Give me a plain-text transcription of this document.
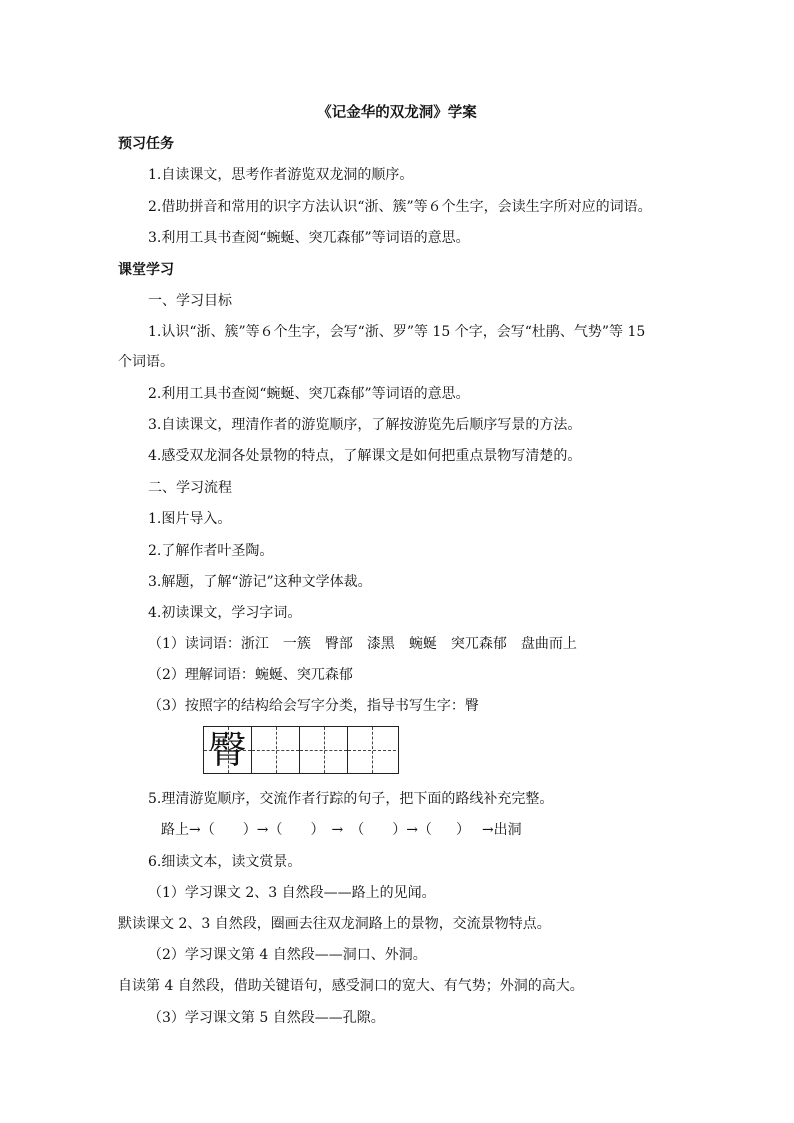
《记金华的双龙洞》学案
预习任务
1.自读课文，思考作者游览双龙洞的顺序。
2.借助拼音和常用的识字方法认识“浙、簇”等６个生字，会读生字所对应的词语。
3.利用工具书查阅“蜿蜒、突兀森郁”等词语的意思。
课堂学习
一、学习目标
1.认识“浙、簇”等６个生字，会写“浙、罗”等 15 个字，会写“杜鹃、气势”等 15
个词语。
2.利用工具书查阅“蜿蜒、突兀森郁”等词语的意思。
3.自读课文，理清作者的游览顺序，了解按游览先后顺序写景的方法。
4.感受双龙洞各处景物的特点，了解课文是如何把重点景物写清楚的。
二、学习流程
1.图片导入。
2.了解作者叶圣陶。
3.解题，了解“游记”这种文学体裁。
4.初读课文，学习字词。
（1）读词语：浙江　一簇　臀部　漆黑　蜿蜒　突兀森郁　盘曲而上
（2）理解词语：蜿蜒、突兀森郁
（3）按照字的结构给会写字分类，指导书写生字：臀
臀
5.理清游览顺序，交流作者行踪的句子，把下面的路线补充完整。
路上→（ ）→（ ）　→　（ ）→（ ） →出洞
6.细读文本，读文赏景。
（1）学习课文 2、3 自然段——路上的见闻。
默读课文 2、3 自然段，圈画去往双龙洞路上的景物，交流景物特点。
（2）学习课文第 4 自然段——洞口、外洞。
自读第 4 自然段，借助关键语句，感受洞口的宽大、有气势；外洞的高大。
（3）学习课文第 5 自然段——孔隙。
